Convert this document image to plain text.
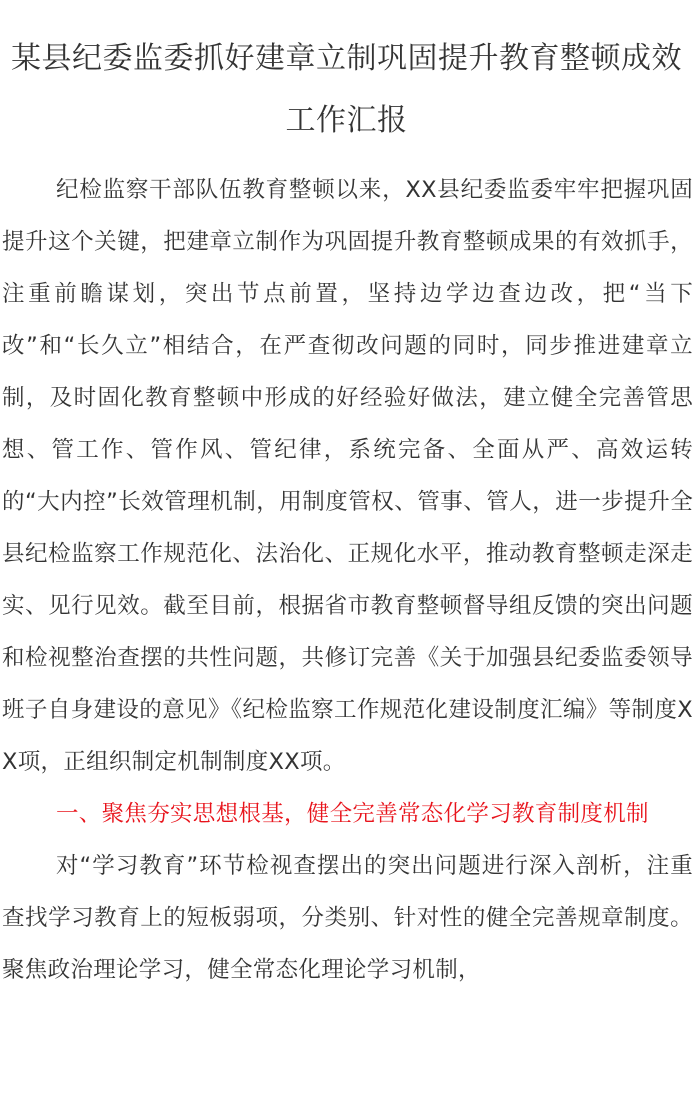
某县纪委监委抓好建章立制巩固提升教育整顿成效工作汇报

纪检监察干部队伍教育整顿以来，XX县纪委监委牢牢把握巩固提升这个关键，把建章立制作为巩固提升教育整顿成果的有效抓手，注重前瞻谋划，突出节点前置，坚持边学边查边改，把“当下改”和“长久立”相结合，在严查彻改问题的同时，同步推进建章立制，及时固化教育整顿中形成的好经验好做法，建立健全完善管思想、管工作、管作风、管纪律，系统完备、全面从严、高效运转的“大内控”长效管理机制，用制度管权、管事、管人，进一步提升全县纪检监察工作规范化、法治化、正规化水平，推动教育整顿走深走实、见行见效。截至目前，根据省市教育整顿督导组反馈的突出问题和检视整治查摆的共性问题，共修订完善《关于加强县纪委监委领导班子自身建设的意见》《纪检监察工作规范化建设制度汇编》等制度XX项，正组织制定机制制度XX项。

一、聚焦夯实思想根基，健全完善常态化学习教育制度机制

对“学习教育”环节检视查摆出的突出问题进行深入剖析，注重查找学习教育上的短板弱项，分类别、针对性的健全完善规章制度。聚焦政治理论学习，健全常态化理论学习机制，
